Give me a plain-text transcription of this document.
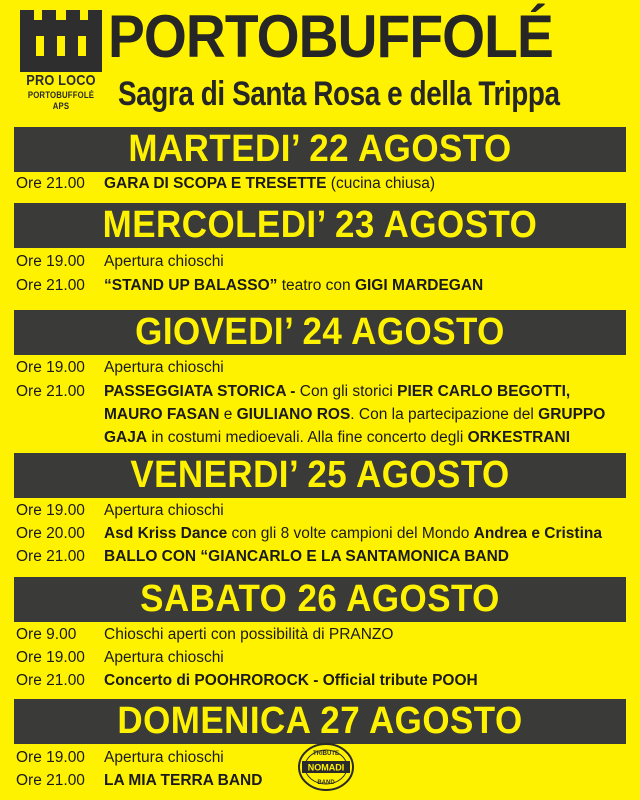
PRO LOCO
PORTOBUFFOLÉ APS
PORTOBUFFOLÉ
Sagra di Santa Rosa e della Trippa
MARTEDI’ 22 AGOSTO
Ore 21.00	GARA DI SCOPA E TRESETTE (cucina chiusa)
MERCOLEDI’ 23 AGOSTO
Ore 19.00	Apertura chioschi
Ore 21.00	“STAND UP BALASSO” teatro con GIGI MARDEGAN
GIOVEDI’ 24 AGOSTO
Ore 19.00	Apertura chioschi
Ore 21.00	PASSEGGIATA STORICA - Con gli storici PIER CARLO BEGOTTI,
MAURO FASAN e GIULIANO ROS. Con la partecipazione del GRUPPO
GAJA in costumi medioevali. Alla fine concerto degli ORKESTRANI
VENERDI’ 25 AGOSTO
Ore 19.00	Apertura chioschi
Ore 20.00	Asd Kriss Dance con gli 8 volte campioni del Mondo Andrea e Cristina
Ore 21.00	BALLO CON “GIANCARLO E LA SANTAMONICA BAND
SABATO 26 AGOSTO
Ore 9.00	Chioschi aperti con possibilità di PRANZO
Ore 19.00	Apertura chioschi
Ore 21.00	Concerto di POOHROROCK - Official tribute POOH
DOMENICA 27 AGOSTO
Ore 19.00	Apertura chioschi
Ore 21.00	LA MIA TERRA BAND
NOMADI
TRIBUTE
BAND
